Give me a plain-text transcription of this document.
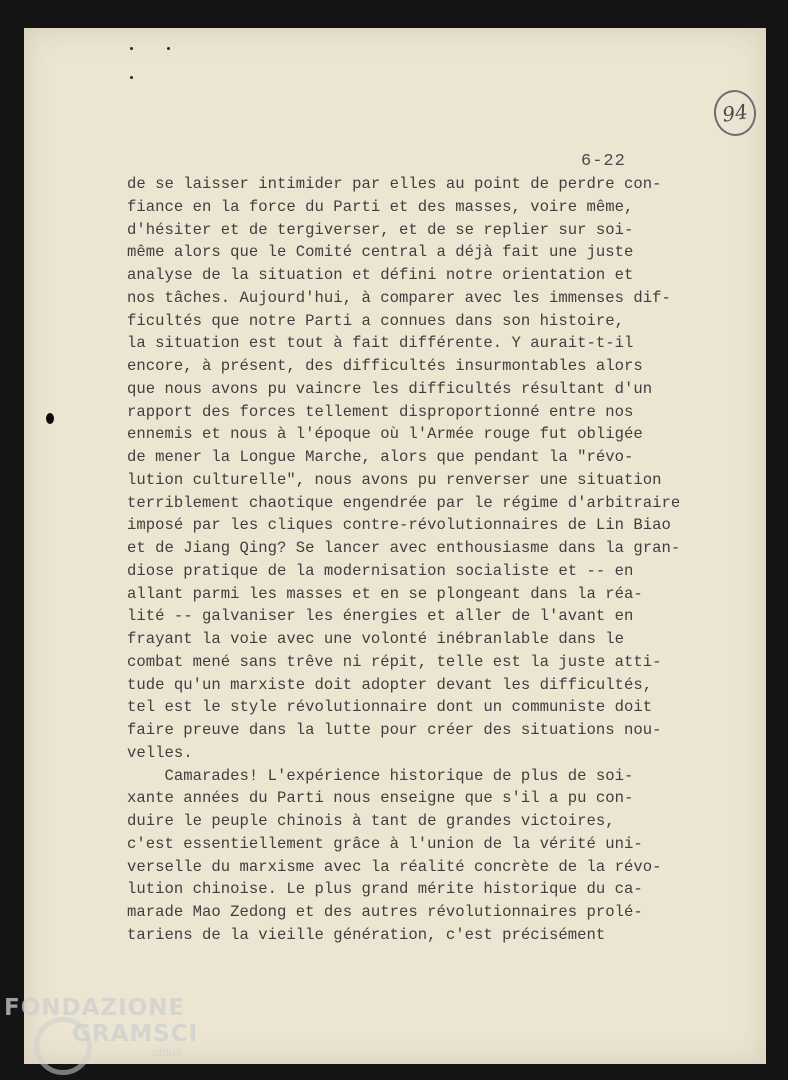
94
6-22
de se laisser intimider par elles au point de perdre con-
fiance en la force du Parti et des masses, voire même,
d'hésiter et de tergiverser, et de se replier sur soi-
même alors que le Comité central a déjà fait une juste
analyse de la situation et défini notre orientation et
nos tâches. Aujourd'hui, à comparer avec les immenses dif-
ficultés que notre Parti a connues dans son histoire,
la situation est tout à fait différente. Y aurait-t-il
encore, à présent, des difficultés insurmontables alors
que nous avons pu vaincre les difficultés résultant d'un
rapport des forces tellement disproportionné entre nos
ennemis et nous à l'époque où l'Armée rouge fut obligée
de mener la Longue Marche, alors que pendant la "révo-
lution culturelle", nous avons pu renverser une situation
terriblement chaotique engendrée par le régime d'arbitraire
imposé par les cliques contre-révolutionnaires de Lin Biao
et de Jiang Qing? Se lancer avec enthousiasme dans la gran-
diose pratique de la modernisation socialiste et -- en
allant parmi les masses et en se plongeant dans la réa-
lité -- galvaniser les énergies et aller de l'avant en
frayant la voie avec une volonté inébranlable dans le
combat mené sans trêve ni répit, telle est la juste atti-
tude qu'un marxiste doit adopter devant les difficultés,
tel est le style révolutionnaire dont un communiste doit
faire preuve dans la lutte pour créer des situations nou-
velles.
Camarades! L'expérience historique de plus de soi-
xante années du Parti nous enseigne que s'il a pu con-
duire le peuple chinois à tant de grandes victoires,
c'est essentiellement grâce à l'union de la vérité uni-
verselle du marxisme avec la réalité concrète de la révo-
lution chinoise. Le plus grand mérite historique du ca-
marade Mao Zedong et des autres révolutionnaires prolé-
tariens de la vieille génération, c'est précisément
FONDAZIONE
GRAMSCI
onlus
